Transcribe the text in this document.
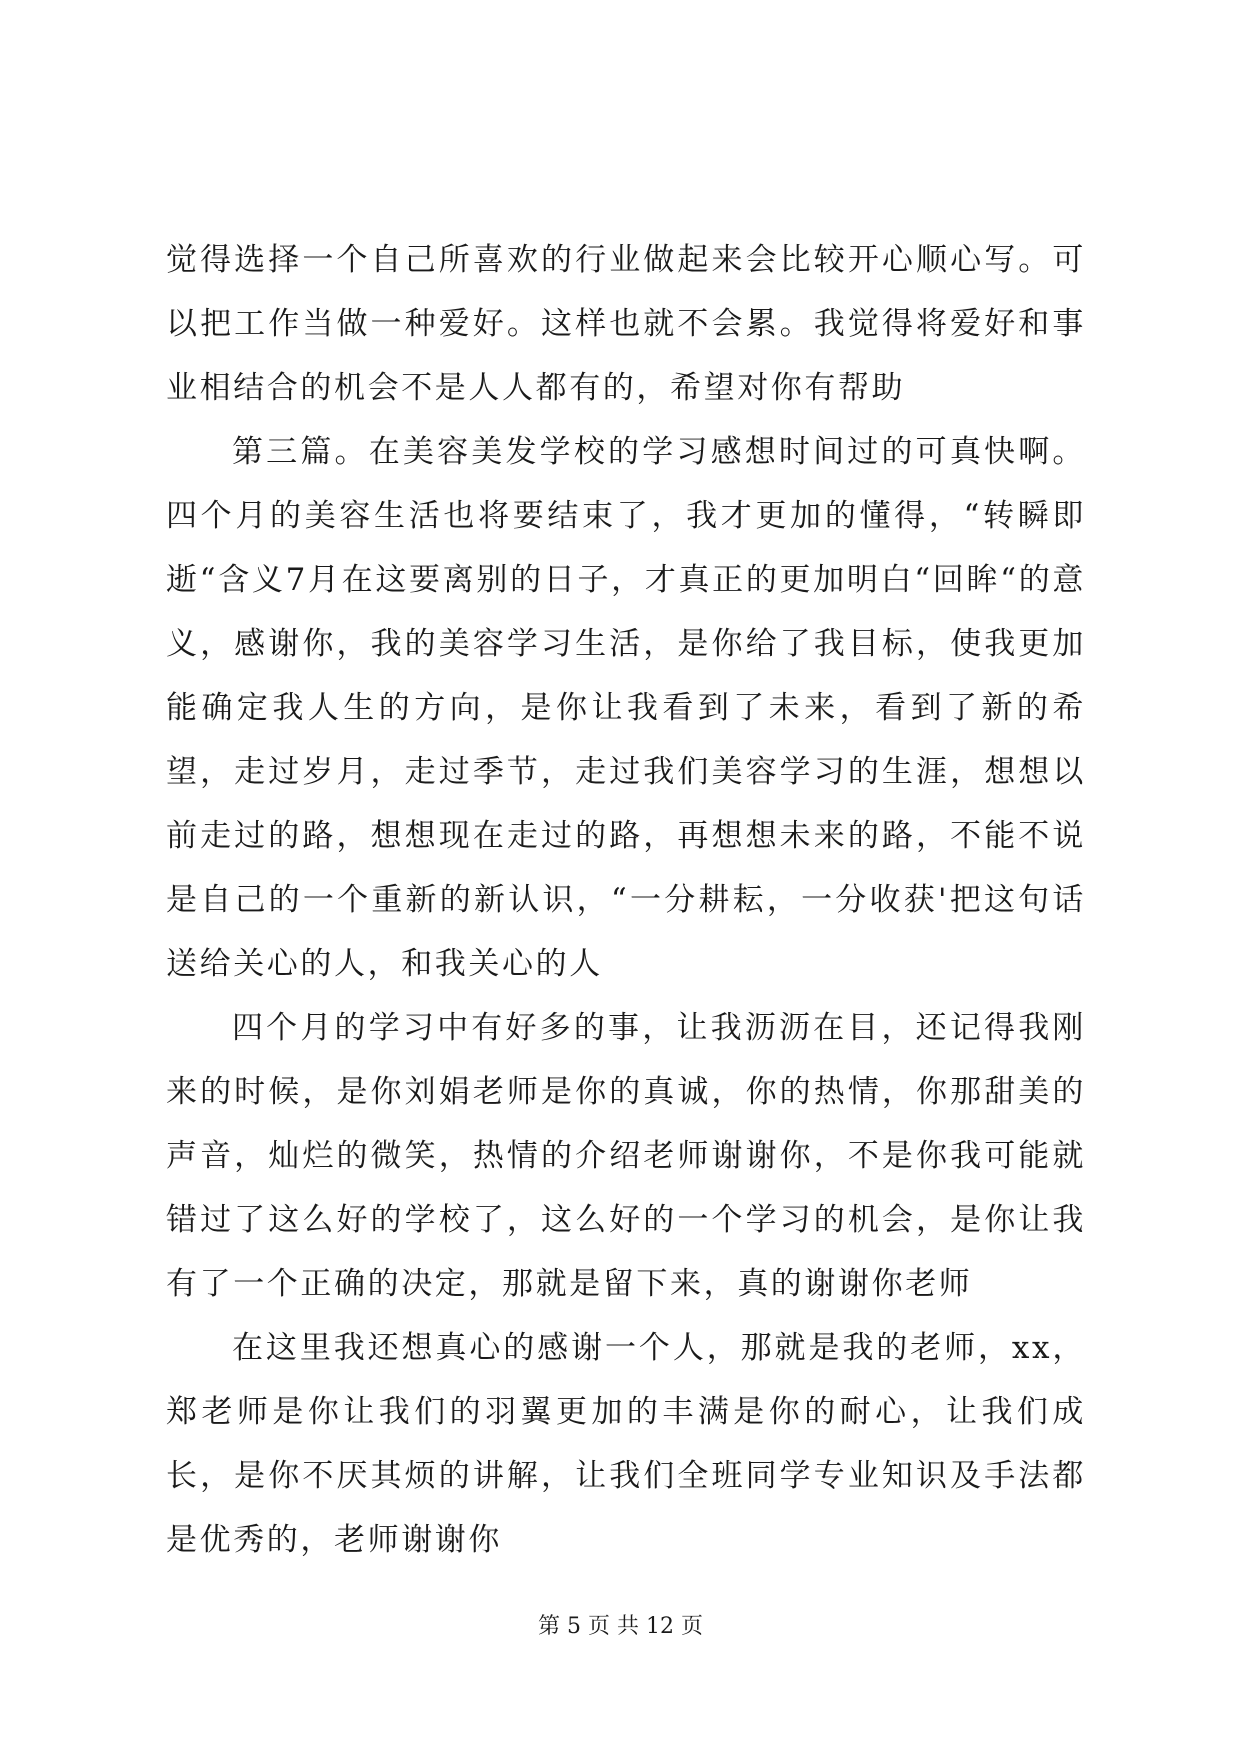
觉得选择一个自己所喜欢的行业做起来会比较开心顺心写。可以把工作当做一种爱好。这样也就不会累。我觉得将爱好和事业相结合的机会不是人人都有的，希望对你有帮助

第三篇。在美容美发学校的学习感想时间过的可真快啊。四个月的美容生活也将要结束了，我才更加的懂得，“转瞬即逝“含义7月在这要离别的日子，才真正的更加明白“回眸“的意义，感谢你，我的美容学习生活，是你给了我目标，使我更加能确定我人生的方向，是你让我看到了未来，看到了新的希望，走过岁月，走过季节，走过我们美容学习的生涯，想想以前走过的路，想想现在走过的路，再想想未来的路，不能不说是自己的一个重新的新认识，“一分耕耘，一分收获'把这句话送给关心的人，和我关心的人

四个月的学习中有好多的事，让我沥沥在目，还记得我刚来的时候，是你刘娟老师是你的真诚，你的热情，你那甜美的声音，灿烂的微笑，热情的介绍老师谢谢你，不是你我可能就错过了这么好的学校了，这么好的一个学习的机会，是你让我有了一个正确的决定，那就是留下来，真的谢谢你老师

在这里我还想真心的感谢一个人，那就是我的老师，xx，郑老师是你让我们的羽翼更加的丰满是你的耐心，让我们成长，是你不厌其烦的讲解，让我们全班同学专业知识及手法都是优秀的，老师谢谢你

第 5 页 共 12 页
